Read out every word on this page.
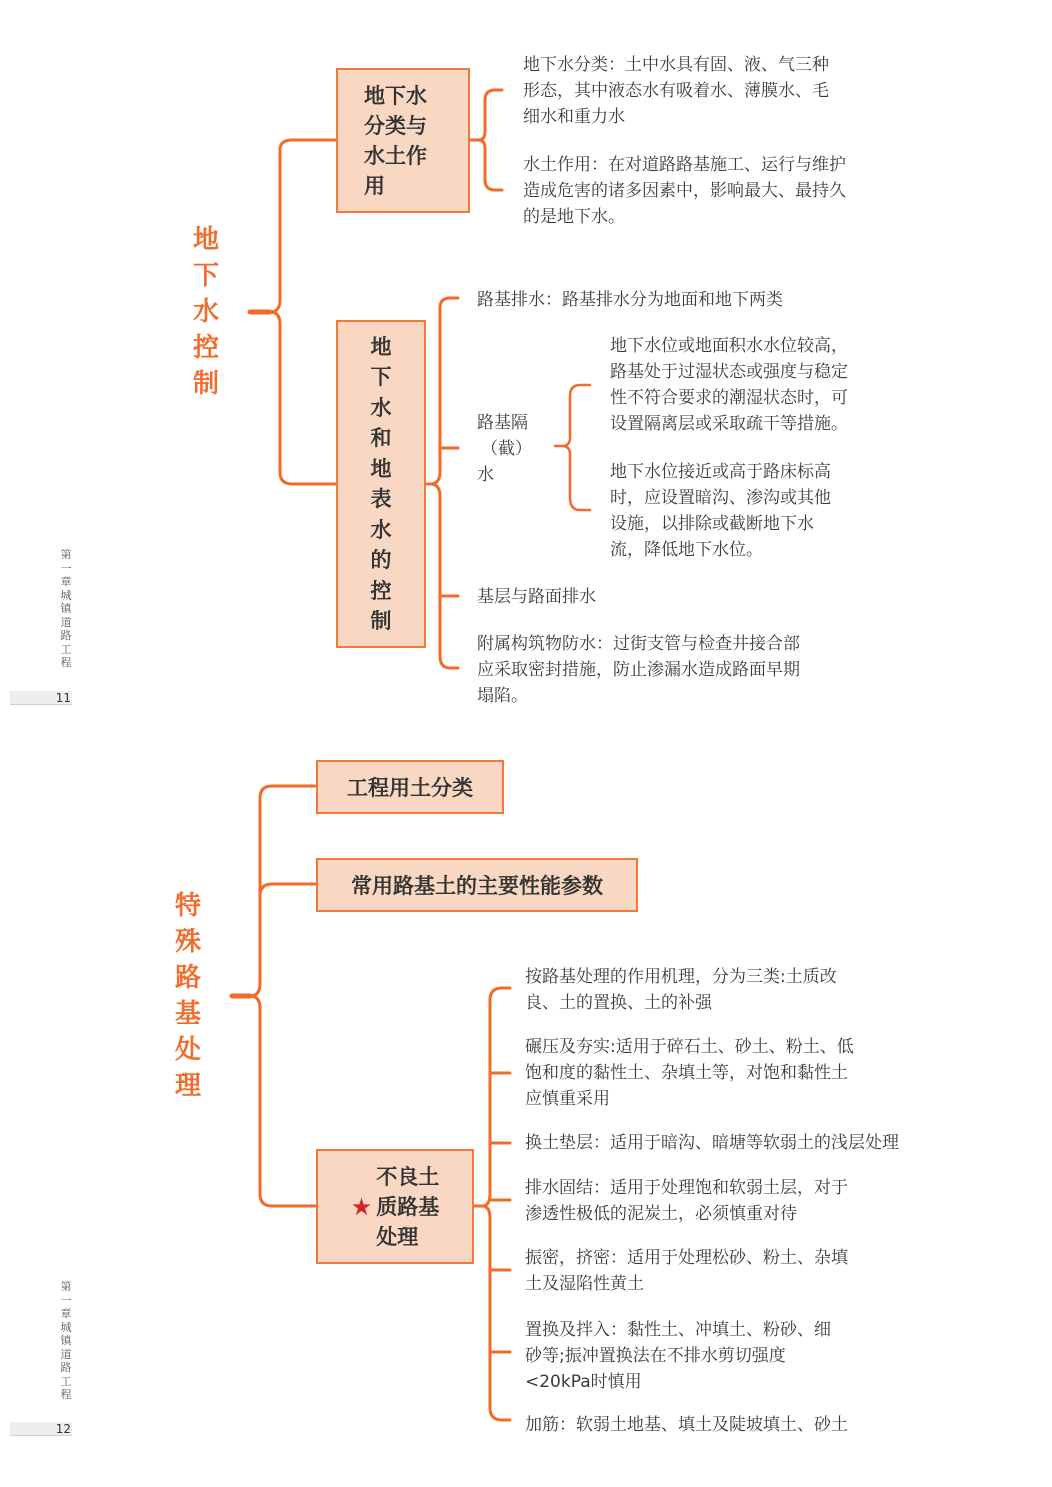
地下水控制
地下水
分类与
水土作
用
地下水分类：土中水具有固、液、气三种
形态，其中液态水有吸着水、薄膜水、毛
细水和重力水
水土作用：在对道路路基施工、运行与维护
造成危害的诸多因素中，影响最大、最持久
的是地下水。
地
下
水
和
地
表
水
的
控
制
路基排水：路基排水分为地面和地下两类
路基隔
（截）
水
地下水位或地面积水水位较高，
路基处于过湿状态或强度与稳定
性不符合要求的潮湿状态时，可
设置隔离层或采取疏干等措施。
地下水位接近或高于路床标高
时，应设置暗沟、渗沟或其他
设施，以排除或截断地下水
流，降低地下水位。
基层与路面排水
附属构筑物防水：过街支管与检查井接合部
应采取密封措施，防止渗漏水造成路面早期
塌陷。
第
一
章
城
镇
道
路
工
程
11
特殊路基处理
工程用土分类
常用路基土的主要性能参数
★
不良土
质路基
处理
按路基处理的作用机理，分为三类:土质改
良、土的置换、土的补强
碾压及夯实:适用于碎石土、砂土、粉土、低
饱和度的黏性土、杂填土等，对饱和黏性土
应慎重采用
换土垫层：适用于暗沟、暗塘等软弱土的浅层处理
排水固结：适用于处理饱和软弱土层，对于
渗透性极低的泥炭土，必须慎重对待
振密，挤密：适用于处理松砂、粉土、杂填
土及湿陷性黄土
置换及拌入：黏性土、冲填土、粉砂、细
砂等;振冲置换法在不排水剪切强度
<20kPa时慎用
加筋：软弱土地基、填土及陡坡填土、砂土
第
一
章
城
镇
道
路
工
程
12
